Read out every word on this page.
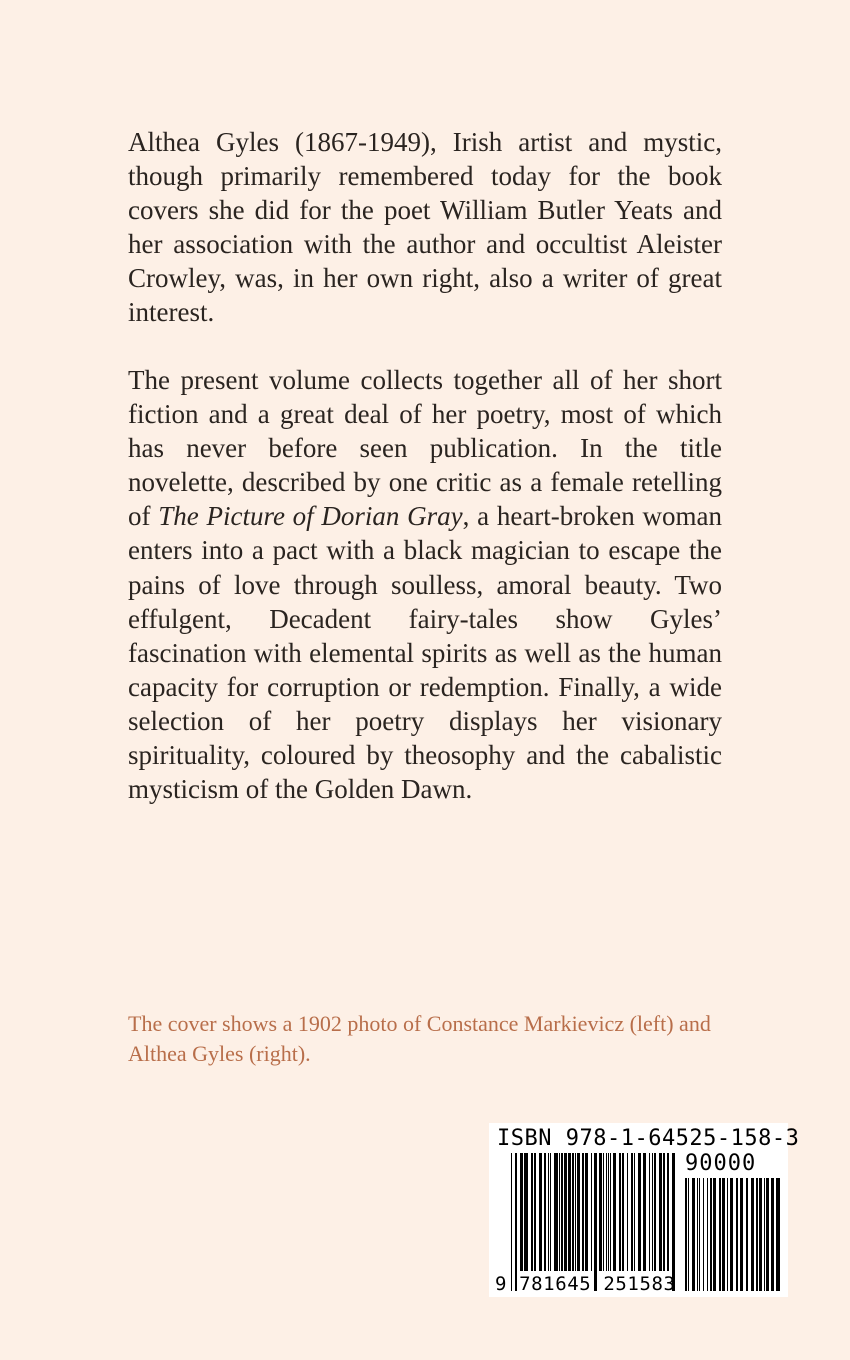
Althea Gyles (1867-1949), Irish artist and mystic, though primarily remembered today for the book covers she did for the poet William Butler Yeats and her association with the author and occultist Aleister Crowley, was, in her own right, also a writer of great interest.

The present volume collects together all of her short fiction and a great deal of her poetry, most of which has never before seen publication. In the title novelette, described by one critic as a female retelling of The Picture of Dorian Gray, a heart-broken woman enters into a pact with a black magician to escape the pains of love through soulless, amoral beauty. Two effulgent, Decadent fairy-tales show Gyles’ fascination with elemental spirits as well as the human capacity for corruption or redemption. Finally, a wide selection of her poetry displays her visionary spirituality, coloured by theosophy and the cabalistic mysticism of the Golden Dawn.

The cover shows a 1902 photo of Constance Markievicz (left) and Althea Gyles (right).

ISBN 978-1-64525-158-3
90000
9 781645 251583
